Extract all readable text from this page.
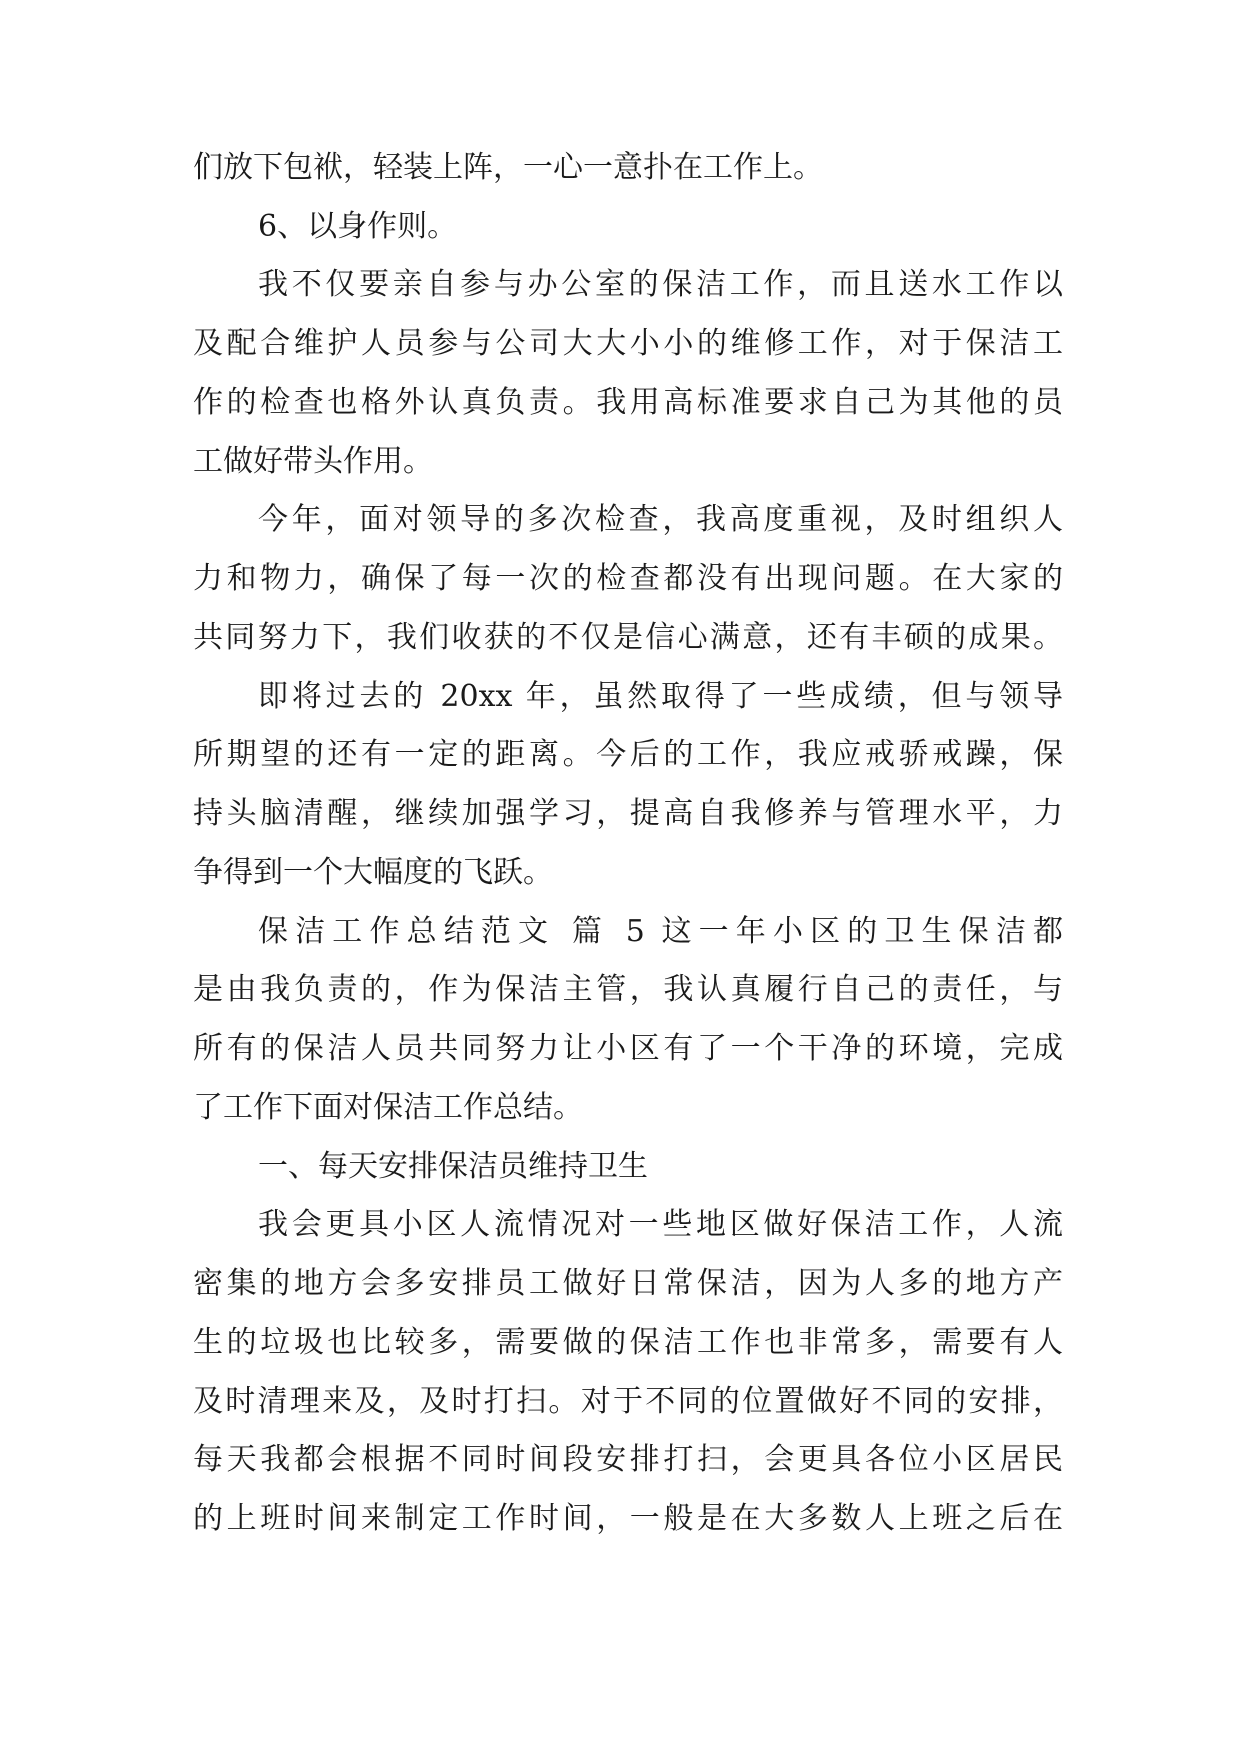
们放下包袱，轻装上阵，一心一意扑在工作上。
6、以身作则。
我不仅要亲自参与办公室的保洁工作，而且送水工作以
及配合维护人员参与公司大大小小的维修工作，对于保洁工
作的检查也格外认真负责。我用高标准要求自己为其他的员
工做好带头作用。
今年，面对领导的多次检查，我高度重视，及时组织人
力和物力，确保了每一次的检查都没有出现问题。在大家的
共同努力下，我们收获的不仅是信心满意，还有丰硕的成果。
即将过去的 20xx 年，虽然取得了一些成绩，但与领导
所期望的还有一定的距离。今后的工作，我应戒骄戒躁，保
持头脑清醒，继续加强学习，提高自我修养与管理水平，力
争得到一个大幅度的飞跃。
保洁工作总结范文 篇 5 这一年小区的卫生保洁都
是由我负责的，作为保洁主管，我认真履行自己的责任，与
所有的保洁人员共同努力让小区有了一个干净的环境，完成
了工作下面对保洁工作总结。
一、每天安排保洁员维持卫生
我会更具小区人流情况对一些地区做好保洁工作，人流
密集的地方会多安排员工做好日常保洁，因为人多的地方产
生的垃圾也比较多，需要做的保洁工作也非常多，需要有人
及时清理来及，及时打扫。对于不同的位置做好不同的安排，
每天我都会根据不同时间段安排打扫，会更具各位小区居民
的上班时间来制定工作时间，一般是在大多数人上班之后在
